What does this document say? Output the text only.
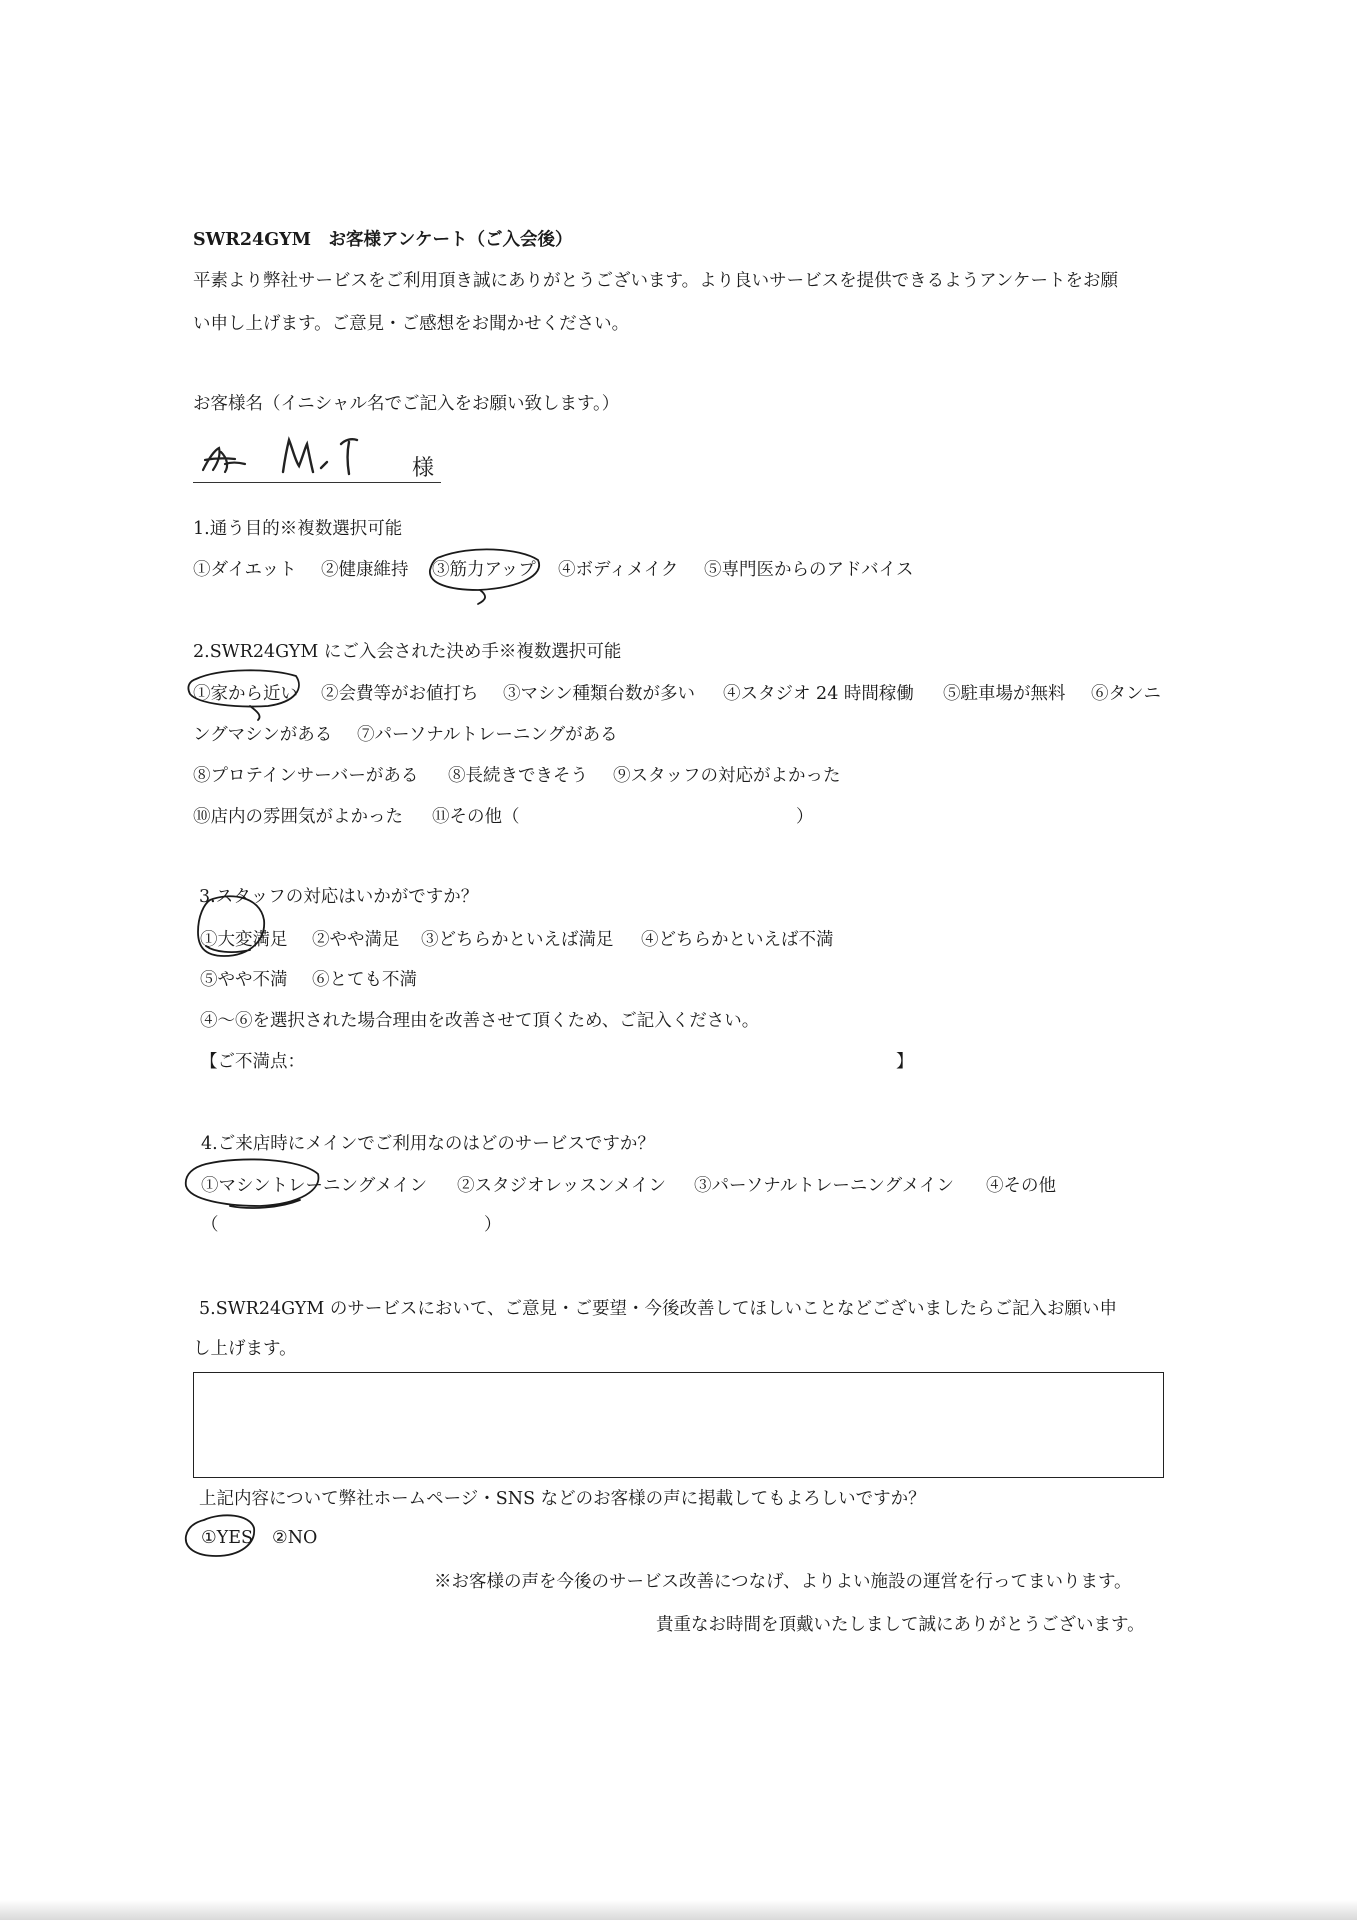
SWR24GYM　お客様アンケート（ご入会後）
平素より弊社サービスをご利用頂き誠にありがとうございます。より良いサービスを提供できるようアンケートをお願
い申し上げます。ご意見・ご感想をお聞かせください。
お客様名（イニシャル名でご記入をお願い致します。）
様
1.通う目的※複数選択可能
①ダイエット ②健康維持 ③筋力アップ ④ボディメイク ⑤専門医からのアドバイス
2.SWR24GYM にご入会された決め手※複数選択可能
①家から近い ②会費等がお値打ち ③マシン種類台数が多い ④スタジオ 24 時間稼働 ⑤駐車場が無料 ⑥タンニ
ングマシンがある ⑦パーソナルトレーニングがある
⑧プロテインサーバーがある ⑧長続きできそう ⑨スタッフの対応がよかった
⑩店内の雰囲気がよかった ⑪その他（	）
3.スタッフの対応はいかがですか？
①大変満足 ②やや満足 ③どちらかといえば満足 ④どちらかといえば不満
⑤やや不満 ⑥とても不満
④～⑥を選択された場合理由を改善させて頂くため、ご記入ください。
【ご不満点：	】
4.ご来店時にメインでご利用なのはどのサービスですか？
①マシントレーニングメイン ②スタジオレッスンメイン ③パーソナルトレーニングメイン ④その他
（	）
5.SWR24GYM のサービスにおいて、ご意見・ご要望・今後改善してほしいことなどございましたらご記入お願い申
し上げます。
上記内容について弊社ホームページ・SNS などのお客様の声に掲載してもよろしいですか？
①YES ②NO
※お客様の声を今後のサービス改善につなげ、よりよい施設の運営を行ってまいります。
貴重なお時間を頂戴いたしまして誠にありがとうございます。
